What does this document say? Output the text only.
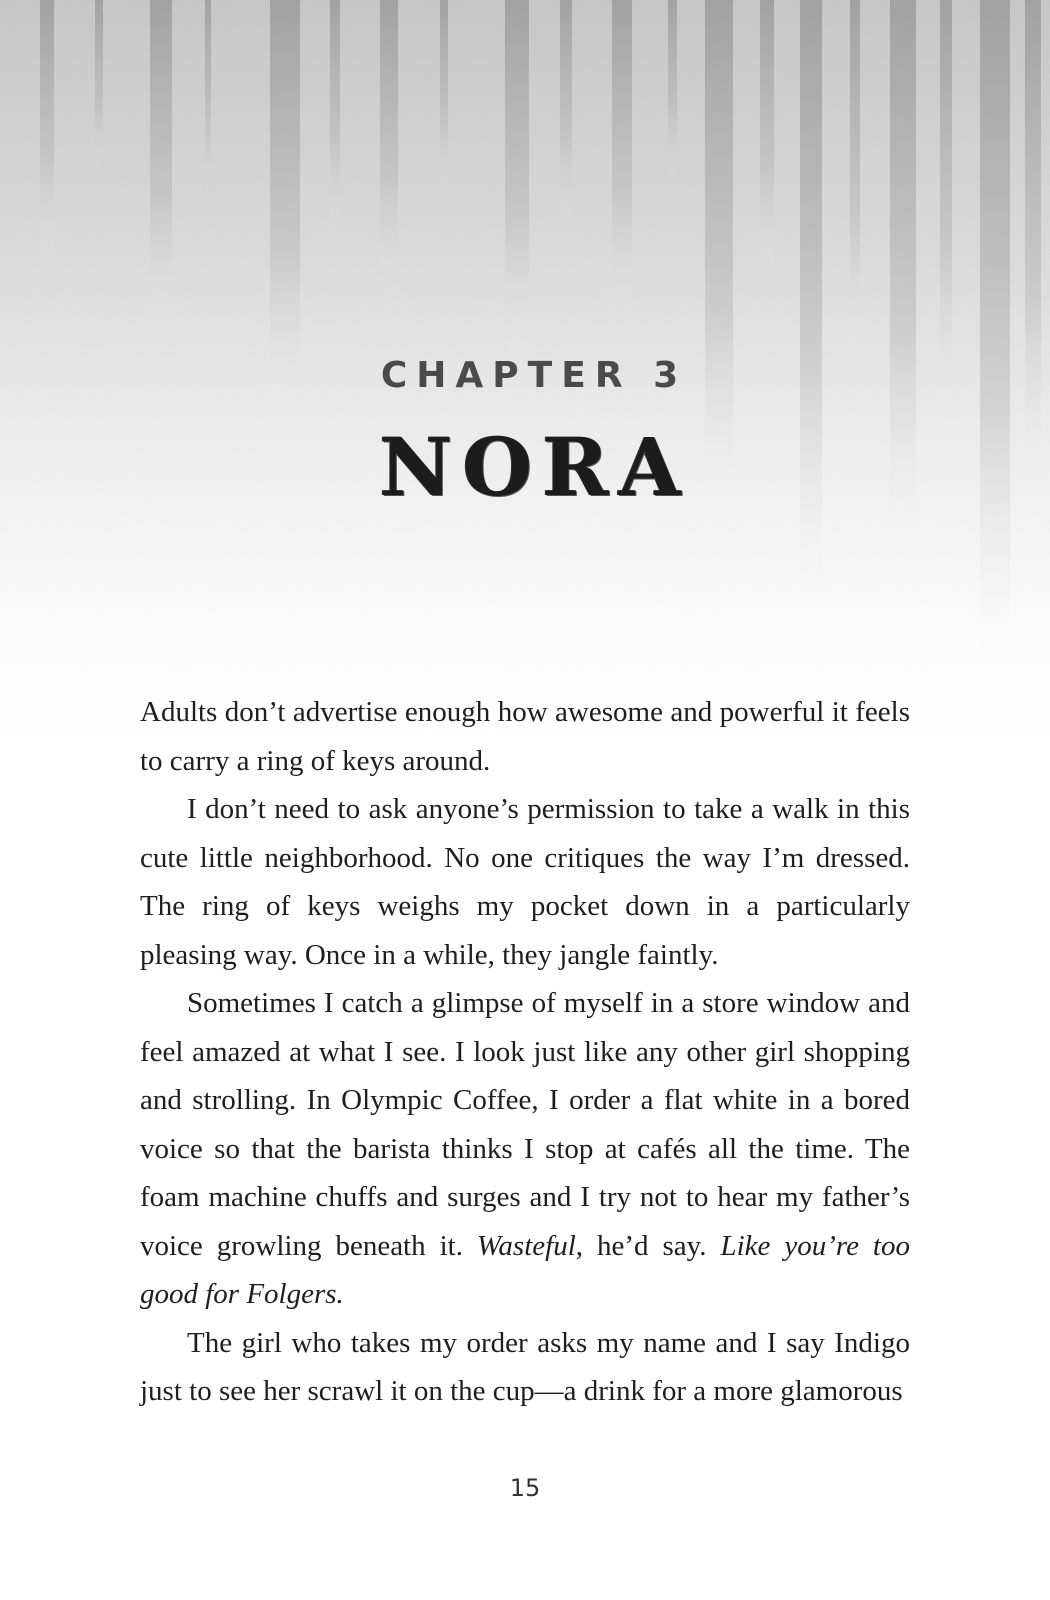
CHAPTER 3
NORA

Adults don’t advertise enough how awesome and powerful it feels to carry a ring of keys around.

I don’t need to ask anyone’s permission to take a walk in this cute little neighborhood. No one critiques the way I’m dressed. The ring of keys weighs my pocket down in a particularly pleasing way. Once in a while, they jangle faintly.

Sometimes I catch a glimpse of myself in a store window and feel amazed at what I see. I look just like any other girl shopping and strolling. In Olympic Coffee, I order a flat white in a bored voice so that the barista thinks I stop at cafés all the time. The foam machine chuffs and surges and I try not to hear my father’s voice growling beneath it. Wasteful, he’d say. Like you’re too good for Folgers.

The girl who takes my order asks my name and I say Indigo just to see her scrawl it on the cup—a drink for a more glamorous

15
